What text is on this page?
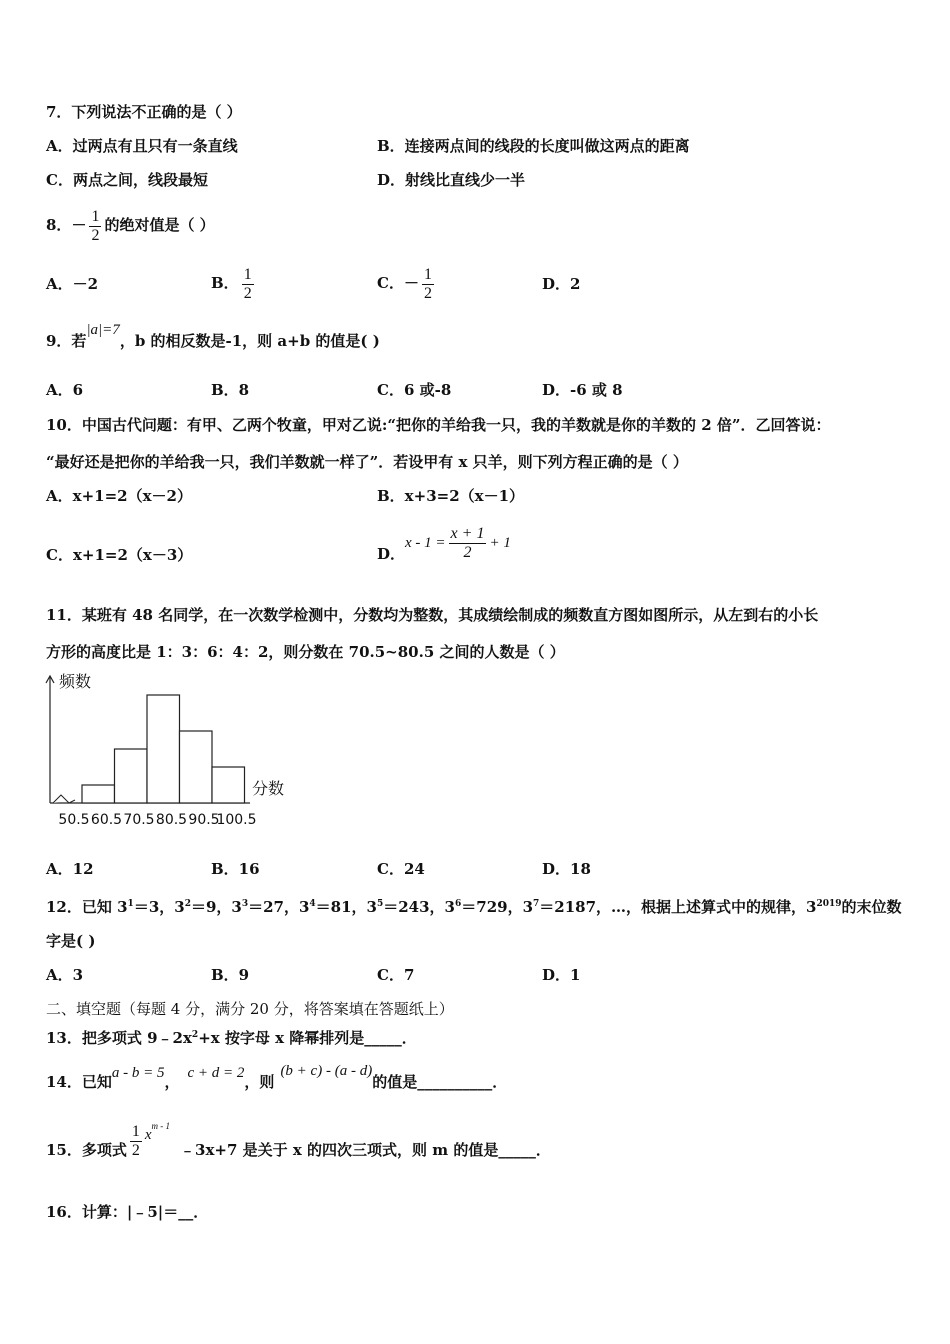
7．下列说法不正确的是（ ）
A．过两点有且只有一条直线	B．连接两点间的线段的长度叫做这两点的距离
C．两点之间，线段最短	D．射线比直线少一半
8．－ $\frac{1}{2}$ 的绝对值是（ ）
A．－2	B． $\frac{1}{2}$	C．－ $\frac{1}{2}$	D．2
9．若|a|=7，b 的相反数是-1，则 a+b 的值是( )
A．6	B．8	C．6 或-8	D．-6 或 8
10．中国古代问题：有甲、乙两个牧童，甲对乙说:“把你的羊给我一只，我的羊数就是你的羊数的 2 倍”．乙回答说：
“最好还是把你的羊给我一只，我们羊数就一样了”．若设甲有 x 只羊，则下列方程正确的是（ ）
A．x+1=2（x－2）	B．x+3=2（x－1）
C．x+1=2（x－3）	D．$x - 1 = \frac{x + 1}{2} + 1$
11．某班有 48 名同学，在一次数学检测中，分数均为整数，其成绩绘制成的频数直方图如图所示，从左到右的小长
方形的高度比是 1：3：6：4：2，则分数在 70.5~80.5 之间的人数是（ ）
50.5 60.5 70.5 80.5 90.5
100.5
频数
分数
A．12	B．16	C．24	D．18
12．已知 $3^1=3$，$3^2=9$，$3^3=27$，$3^4=81$，$3^5=243$，$3^6=729$，$3^7=2187$，…，根据上述算式中的规律，$3^{2019}$的末位数
字是( )
A．3	B．9	C．7	D．1
二、填空题（每题 4 分，满分 20 分，将答案填在答题纸上）
13．把多项式 $9﹣2x^2+x$ 按字母 x 降幂排列是_____．
14．已知a - b = 5， c + d = 2，则(b + c) - (a - d)的值是__________．
15．多项式 $\frac{1}{2}$ $x^{m - 1}﹣3x+7$ 是关于 x 的四次三项式，则 m 的值是_____．
16．计算：|﹣5|＝__．
